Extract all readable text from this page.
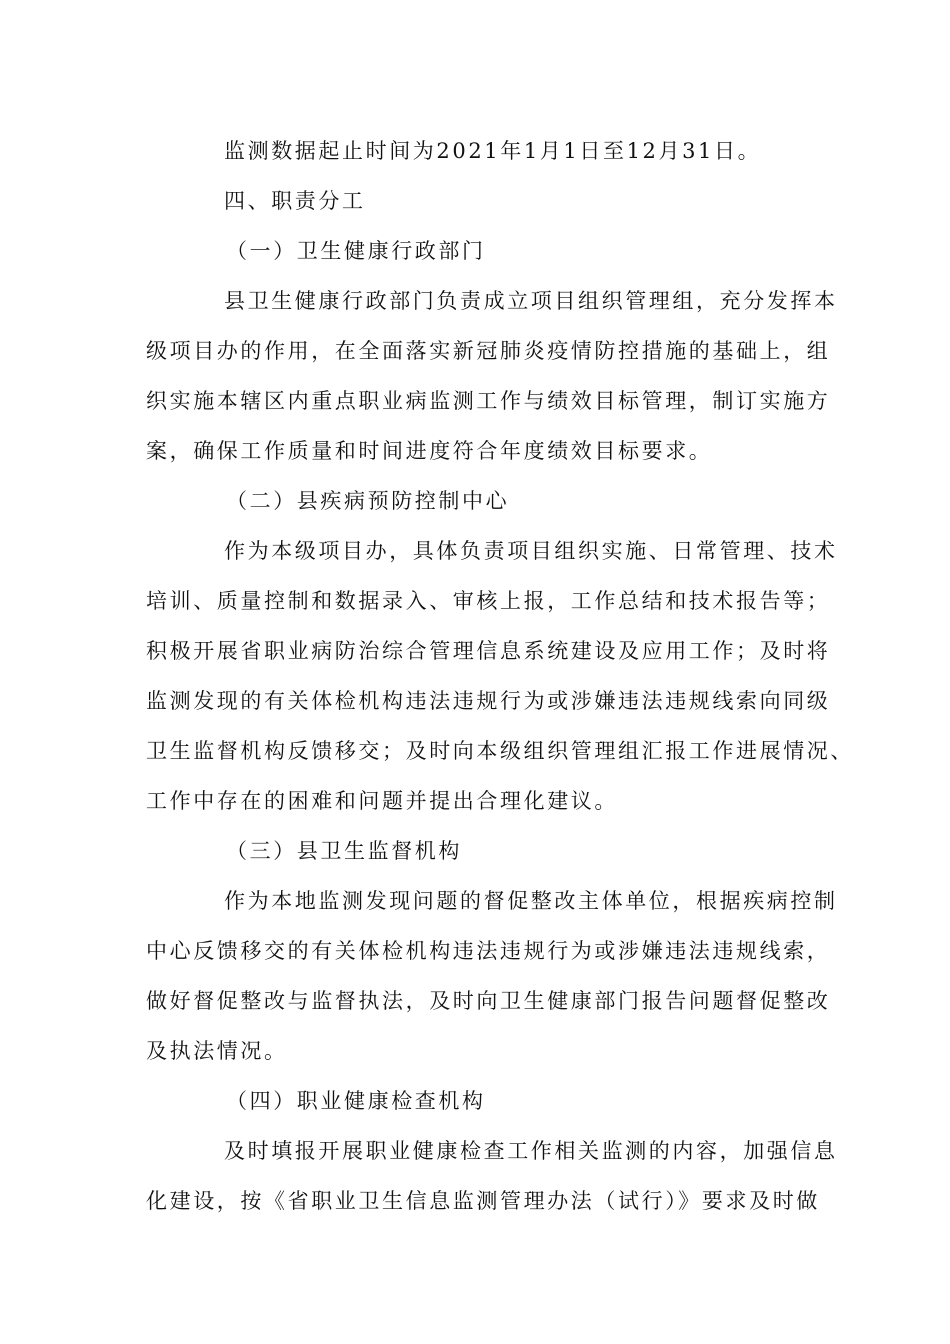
监测数据起止时间为2021年1月1日至12月31日。
四、职责分工
（一）卫生健康行政部门
县卫生健康行政部门负责成立项目组织管理组，充分发挥本
级项目办的作用，在全面落实新冠肺炎疫情防控措施的基础上，组
织实施本辖区内重点职业病监测工作与绩效目标管理，制订实施方
案，确保工作质量和时间进度符合年度绩效目标要求。
（二）县疾病预防控制中心
作为本级项目办，具体负责项目组织实施、日常管理、技术
培训、质量控制和数据录入、审核上报，工作总结和技术报告等；
积极开展省职业病防治综合管理信息系统建设及应用工作；及时将
监测发现的有关体检机构违法违规行为或涉嫌违法违规线索向同级
卫生监督机构反馈移交；及时向本级组织管理组汇报工作进展情况、
工作中存在的困难和问题并提出合理化建议。
（三）县卫生监督机构
作为本地监测发现问题的督促整改主体单位，根据疾病控制
中心反馈移交的有关体检机构违法违规行为或涉嫌违法违规线索，
做好督促整改与监督执法，及时向卫生健康部门报告问题督促整改
及执法情况。
（四）职业健康检查机构
及时填报开展职业健康检查工作相关监测的内容，加强信息
化建设，按《省职业卫生信息监测管理办法（试行）》要求及时做
